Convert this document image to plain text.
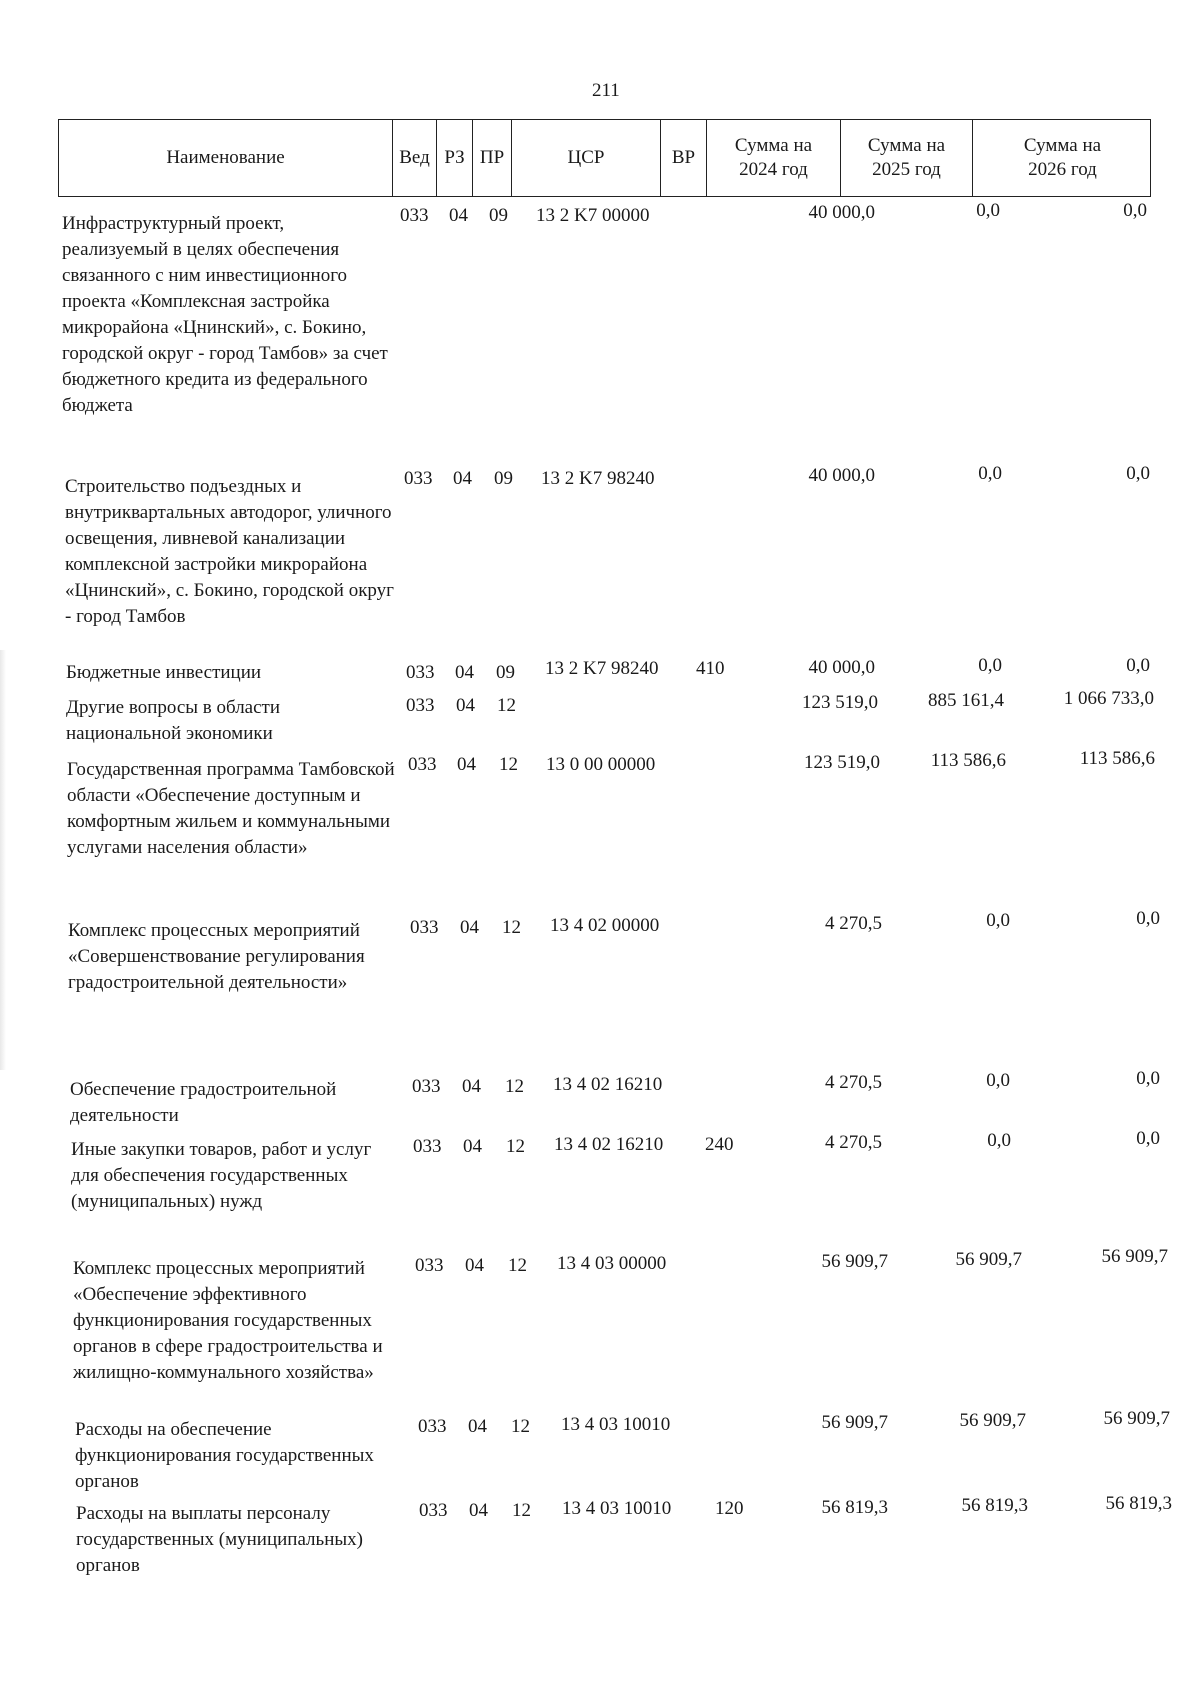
211
Наименование	Вед РЗ ПР	ЦСР	ВР
Сумма на 2024 год
Сумма на 2025 год
Сумма на 2026 год
Инфраструктурный проект, реализуемый в целях обеспечения связанного с ним инвестиционного проекта «Комплексная застройка микрорайона «Цнинский», с. Бокино, городской округ - город Тамбов» за счет бюджетного кредита из федерального бюджета
033 04 09 13 2 K7 00000	40 000,0	0,0	0,0
Строительство подъездных и внутриквартальных автодорог, уличного освещения, ливневой канализации комплексной застройки микрорайона «Цнинский», с. Бокино, городской округ - город Тамбов
033 04 09 13 2 K7 98240	40 000,0	0,0	0,0
Бюджетные инвестиции	033 04 09 13 2 K7 98240 410	40 000,0	0,0	0,0
Другие вопросы в области национальной экономики
033 04 12	123 519,0	885 161,4	1 066 733,0
Государственная программа Тамбовской области «Обеспечение доступным и комфортным жильем и коммунальными услугами населения области»
033 04 12 13 0 00 00000	123 519,0	113 586,6	113 586,6
Комплекс процессных мероприятий «Совершенствование регулирования градостроительной деятельности»
033 04 12 13 4 02 00000	4 270,5	0,0	0,0
Обеспечение градостроительной деятельности
033 04 12 13 4 02 16210	4 270,5	0,0	0,0
Иные закупки товаров, работ и услуг для обеспечения государственных (муниципальных) нужд
033 04 12 13 4 02 16210 240	4 270,5	0,0	0,0
Комплекс процессных мероприятий «Обеспечение эффективного функционирования государственных органов в сфере градостроительства и жилищно-коммунального хозяйства»
033 04 12 13 4 03 00000	56 909,7	56 909,7	56 909,7
Расходы на обеспечение функционирования государственных органов
033 04 12 13 4 03 10010	56 909,7	56 909,7	56 909,7
Расходы на выплаты персоналу государственных (муниципальных) органов
033 04 12 13 4 03 10010 120	56 819,3	56 819,3	56 819,3
